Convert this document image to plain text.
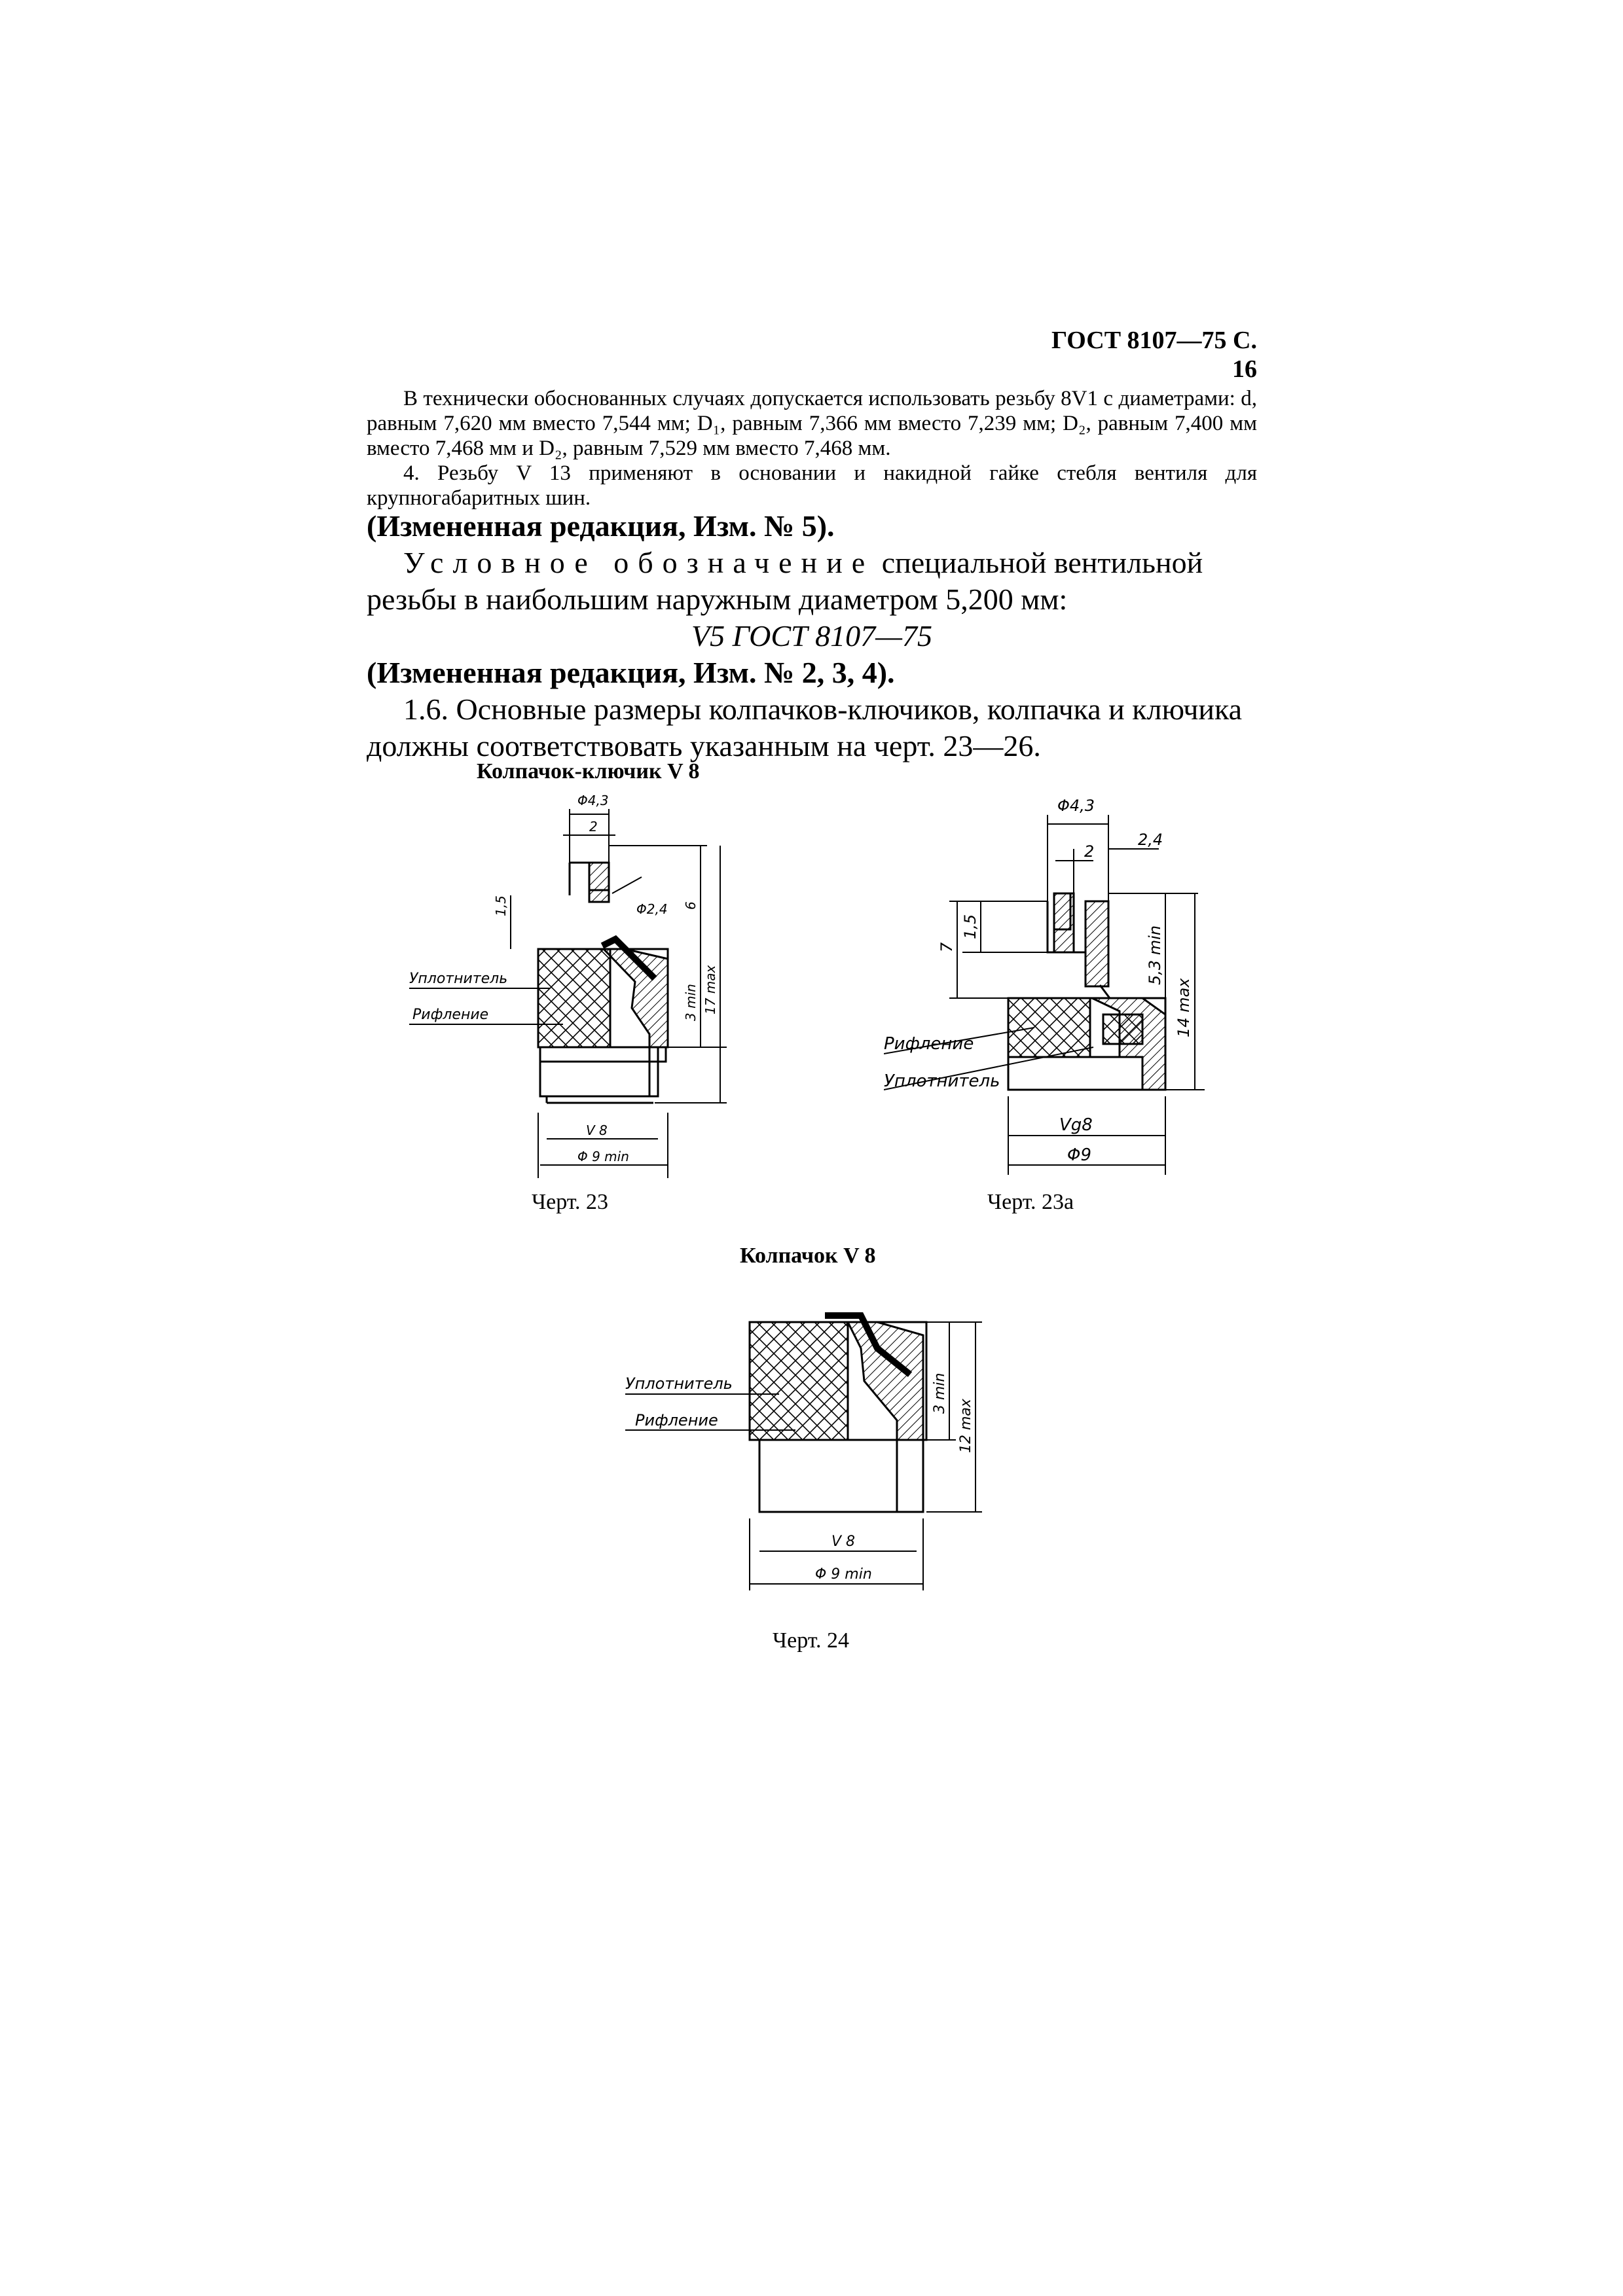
ГОСТ 8107—75 С. 16

В технически обоснованных случаях допускается использовать резьбу 8V1 с диаметрами: d, равным 7,620 мм вместо 7,544 мм; D₁, равным 7,366 мм вместо 7,239 мм; D₂, равным 7,400 мм вместо 7,468 мм и D₂, равным 7,529 мм вместо 7,468 мм.

4. Резьбу V 13 применяют в основании и накидной гайке стебля вентиля для крупногабаритных шин.

(Измененная редакция, Изм. № 5).

Условное обозначение специальной вентильной резьбы в наибольшим наружным диаметром 5,200 мм:

V5 ГОСТ 8107—75

(Измененная редакция, Изм. № 2, 3, 4).

1.6. Основные размеры колпачков-ключиков, колпачка и ключика должны соответствовать указанным на черт. 23—26.

Колпачок-ключик V 8
Φ4,3
2
Φ2,4
1,5	6
3 min 17 max
V 8
Φ 9 min
Уплотнитель
Рифление
Черт. 23
Φ4,3
2,4
2
7
1,5	5,3 min
14 max
Vg8
Φ9
Рифление
Уплотнитель
Черт. 23а
Колпачок V 8
3 min
12 max
V 8
Φ 9 min
Уплотнитель
Рифление
Черт. 24
